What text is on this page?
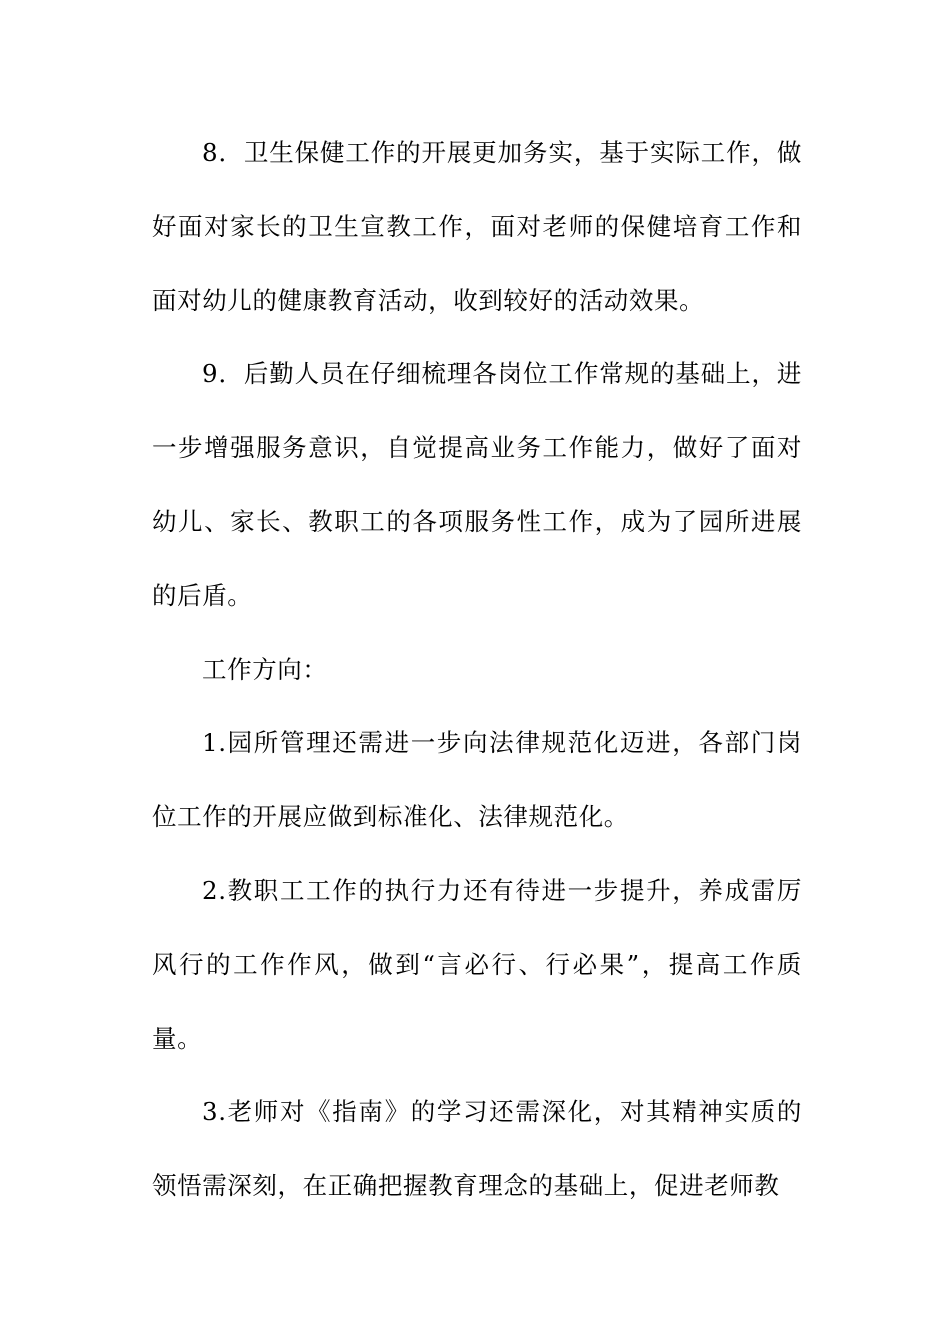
8．卫生保健工作的开展更加务实，基于实际工作，做好面对家长的卫生宣教工作，面对老师的保健培育工作和面对幼儿的健康教育活动，收到较好的活动效果。

9．后勤人员在仔细梳理各岗位工作常规的基础上，进一步增强服务意识，自觉提高业务工作能力，做好了面对幼儿、家长、教职工的各项服务性工作，成为了园所进展的后盾。

工作方向：

1.园所管理还需进一步向法律规范化迈进，各部门岗位工作的开展应做到标准化、法律规范化。

2.教职工工作的执行力还有待进一步提升，养成雷厉风行的工作作风，做到“言必行、行必果”，提高工作质量。

3.老师对《指南》的学习还需深化，对其精神实质的领悟需深刻，在正确把握教育理念的基础上，促进老师教
